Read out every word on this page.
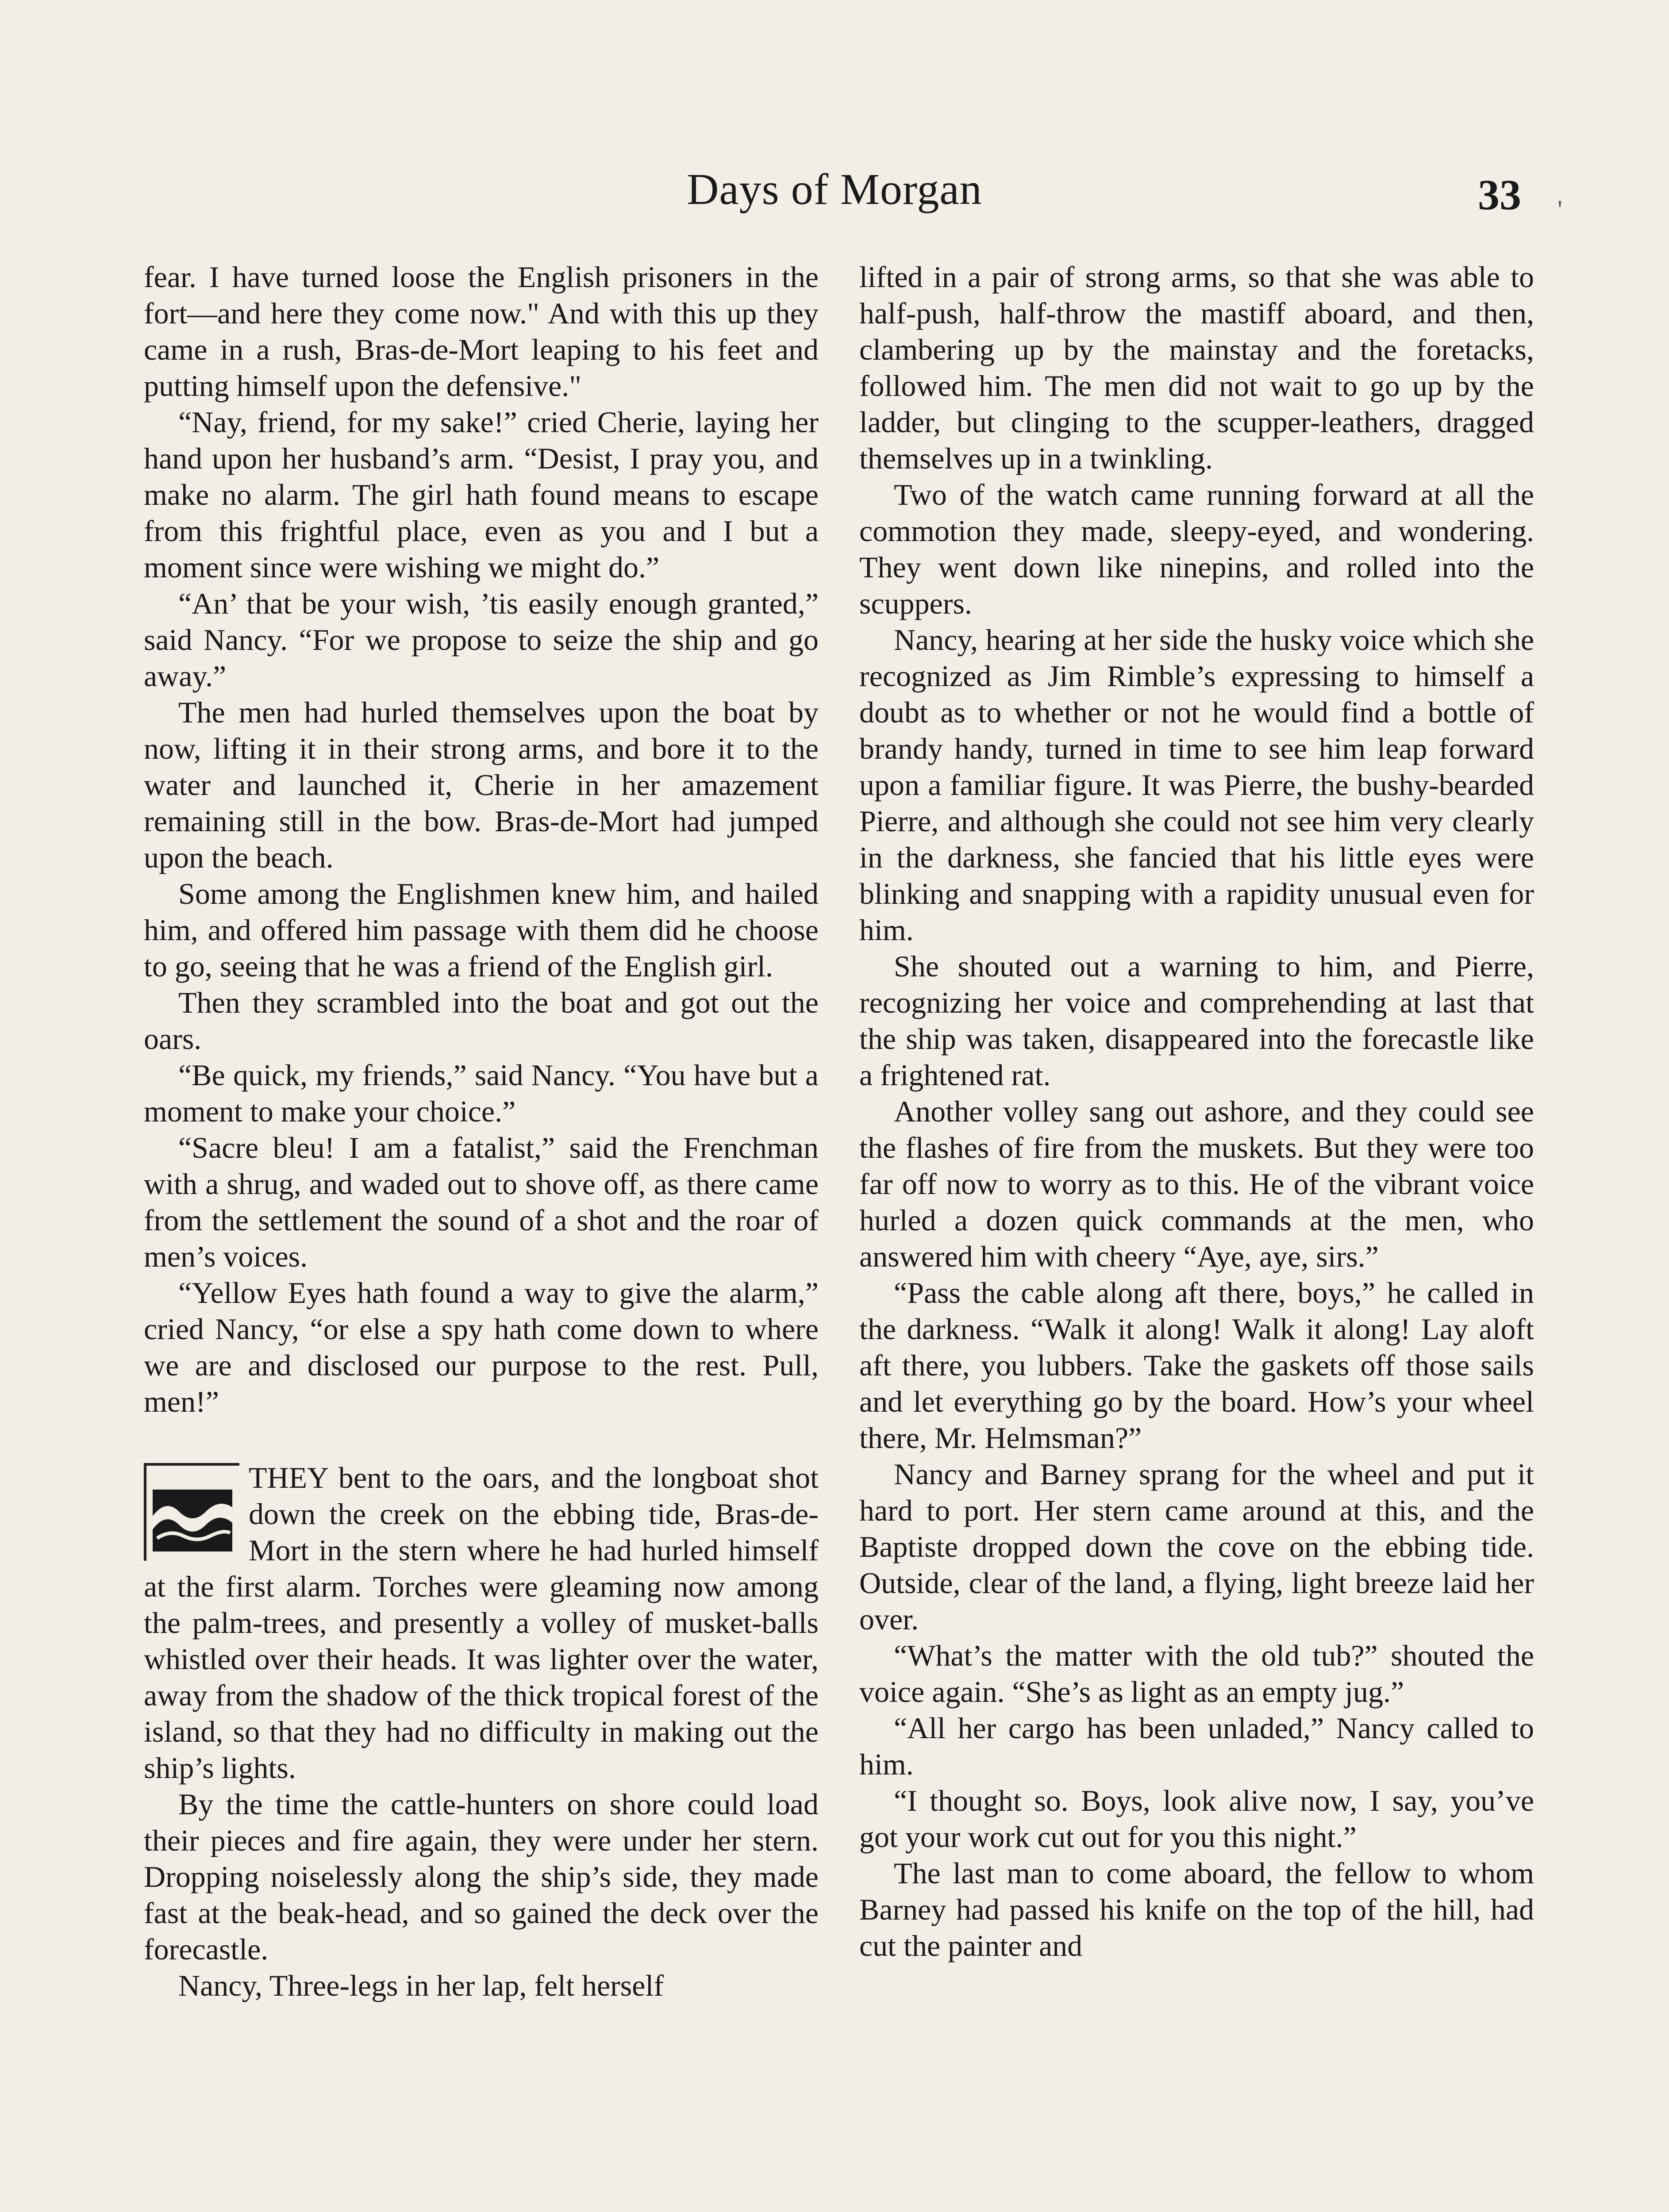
Days of Morgan	33 '

fear. I have turned loose the English prisoners in the fort—and here they come now." And with this up they came in a rush, Bras-de-Mort leaping to his feet and putting himself upon the defensive."

“Nay, friend, for my sake!” cried Cherie, laying her hand upon her husband’s arm. “Desist, I pray you, and make no alarm. The girl hath found means to escape from this frightful place, even as you and I but a moment since were wishing we might do.”

“An’ that be your wish, ’tis easily enough granted,” said Nancy. “For we propose to seize the ship and go away.”

The men had hurled themselves upon the boat by now, lifting it in their strong arms, and bore it to the water and launched it, Cherie in her amazement remaining still in the bow. Bras-de-Mort had jumped upon the beach.

Some among the Englishmen knew him, and hailed him, and offered him passage with them did he choose to go, seeing that he was a friend of the English girl.

Then they scrambled into the boat and got out the oars.

“Be quick, my friends,” said Nancy. “You have but a moment to make your choice.”

“Sacre bleu! I am a fatalist,” said the Frenchman with a shrug, and waded out to shove off, as there came from the settlement the sound of a shot and the roar of men’s voices.

“Yellow Eyes hath found a way to give the alarm,” cried Nancy, “or else a spy hath come down to where we are and disclosed our purpose to the rest. Pull, men!”

THEY bent to the oars, and the longboat shot down the creek on the ebbing tide, Bras-de-Mort in the stern where he had hurled himself at the first alarm. Torches were gleaming now among the palm-trees, and presently a volley of musket-balls whistled over their heads. It was lighter over the water, away from the shadow of the thick tropical forest of the island, so that they had no difficulty in making out the ship’s lights.

By the time the cattle-hunters on shore could load their pieces and fire again, they were under her stern. Dropping noiselessly along the ship’s side, they made fast at the beak-head, and so gained the deck over the forecastle.

Nancy, Three-legs in her lap, felt herself

lifted in a pair of strong arms, so that she was able to half-push, half-throw the mastiff aboard, and then, clambering up by the mainstay and the foretacks, followed him. The men did not wait to go up by the ladder, but clinging to the scupper-leathers, dragged themselves up in a twinkling.

Two of the watch came running forward at all the commotion they made, sleepy-eyed, and wondering. They went down like ninepins, and rolled into the scuppers.

Nancy, hearing at her side the husky voice which she recognized as Jim Rimble’s expressing to himself a doubt as to whether or not he would find a bottle of brandy handy, turned in time to see him leap forward upon a familiar figure. It was Pierre, the bushy-bearded Pierre, and although she could not see him very clearly in the darkness, she fancied that his little eyes were blinking and snapping with a rapidity unusual even for him.

She shouted out a warning to him, and Pierre, recognizing her voice and comprehending at last that the ship was taken, disappeared into the forecastle like a frightened rat.

Another volley sang out ashore, and they could see the flashes of fire from the muskets. But they were too far off now to worry as to this. He of the vibrant voice hurled a dozen quick commands at the men, who answered him with cheery “Aye, aye, sirs.”

“Pass the cable along aft there, boys,” he called in the darkness. “Walk it along! Walk it along! Lay aloft aft there, you lubbers. Take the gaskets off those sails and let everything go by the board. How’s your wheel there, Mr. Helmsman?”

Nancy and Barney sprang for the wheel and put it hard to port. Her stern came around at this, and the Baptiste dropped down the cove on the ebbing tide. Outside, clear of the land, a flying, light breeze laid her over.

“What’s the matter with the old tub?” shouted the voice again. “She’s as light as an empty jug.”

“All her cargo has been unladed,” Nancy called to him.

“I thought so. Boys, look alive now, I say, you’ve got your work cut out for you this night.”

The last man to come aboard, the fellow to whom Barney had passed his knife on the top of the hill, had cut the painter and
